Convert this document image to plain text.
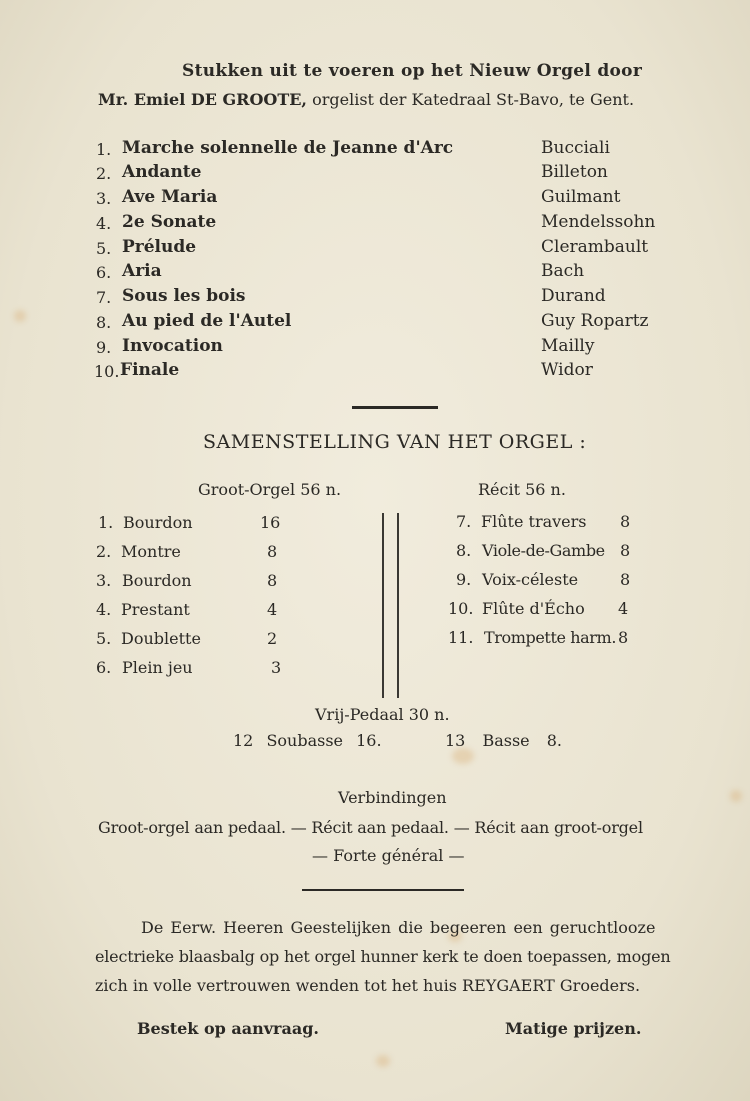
Stukken uit te voeren op het Nieuw Orgel door
Mr. Emiel DE GROOTE, orgelist der Katedraal St-Bavo, te Gent.
1. Marche solennelle de Jeanne d'Arc	Bucciali
2. Andante	Billeton
3. Ave Maria	Guilmant
4. 2e Sonate	Mendelssohn
5. Prélude	Clerambault
6. Aria	Bach
7. Sous les bois	Durand
8. Au pied de l'Autel	Guy Ropartz
9. Invocation	Mailly
10. Finale	Widor
SAMENSTELLING VAN HET ORGEL :
Groot-Orgel 56 n.	Récit 56 n.
1. Bourdon	16
2. Montre	8
3. Bourdon	8
4. Prestant	4
5. Doublette	2
6. Plein jeu	3
7. Flûte travers 8
8. Viole-de-Gambe 8
9. Voix-céleste	8
10. Flûte d'Écho 4
11. Trompette harm. 8
Vrij-Pedaal 30 n.
12 Soubasse 16.	13 Basse 8.
Verbindingen
Groot-orgel aan pedaal. — Récit aan pedaal. — Récit aan groot-orgel
— Forte général —
De Eerw. Heeren Geestelijken die begeeren een geruchtlooze
electrieke blaasbalg op het orgel hunner kerk te doen toepassen, mogen
zich in volle vertrouwen wenden tot het huis REYGAERT Groeders.
Bestek op aanvraag.	Matige prijzen.
